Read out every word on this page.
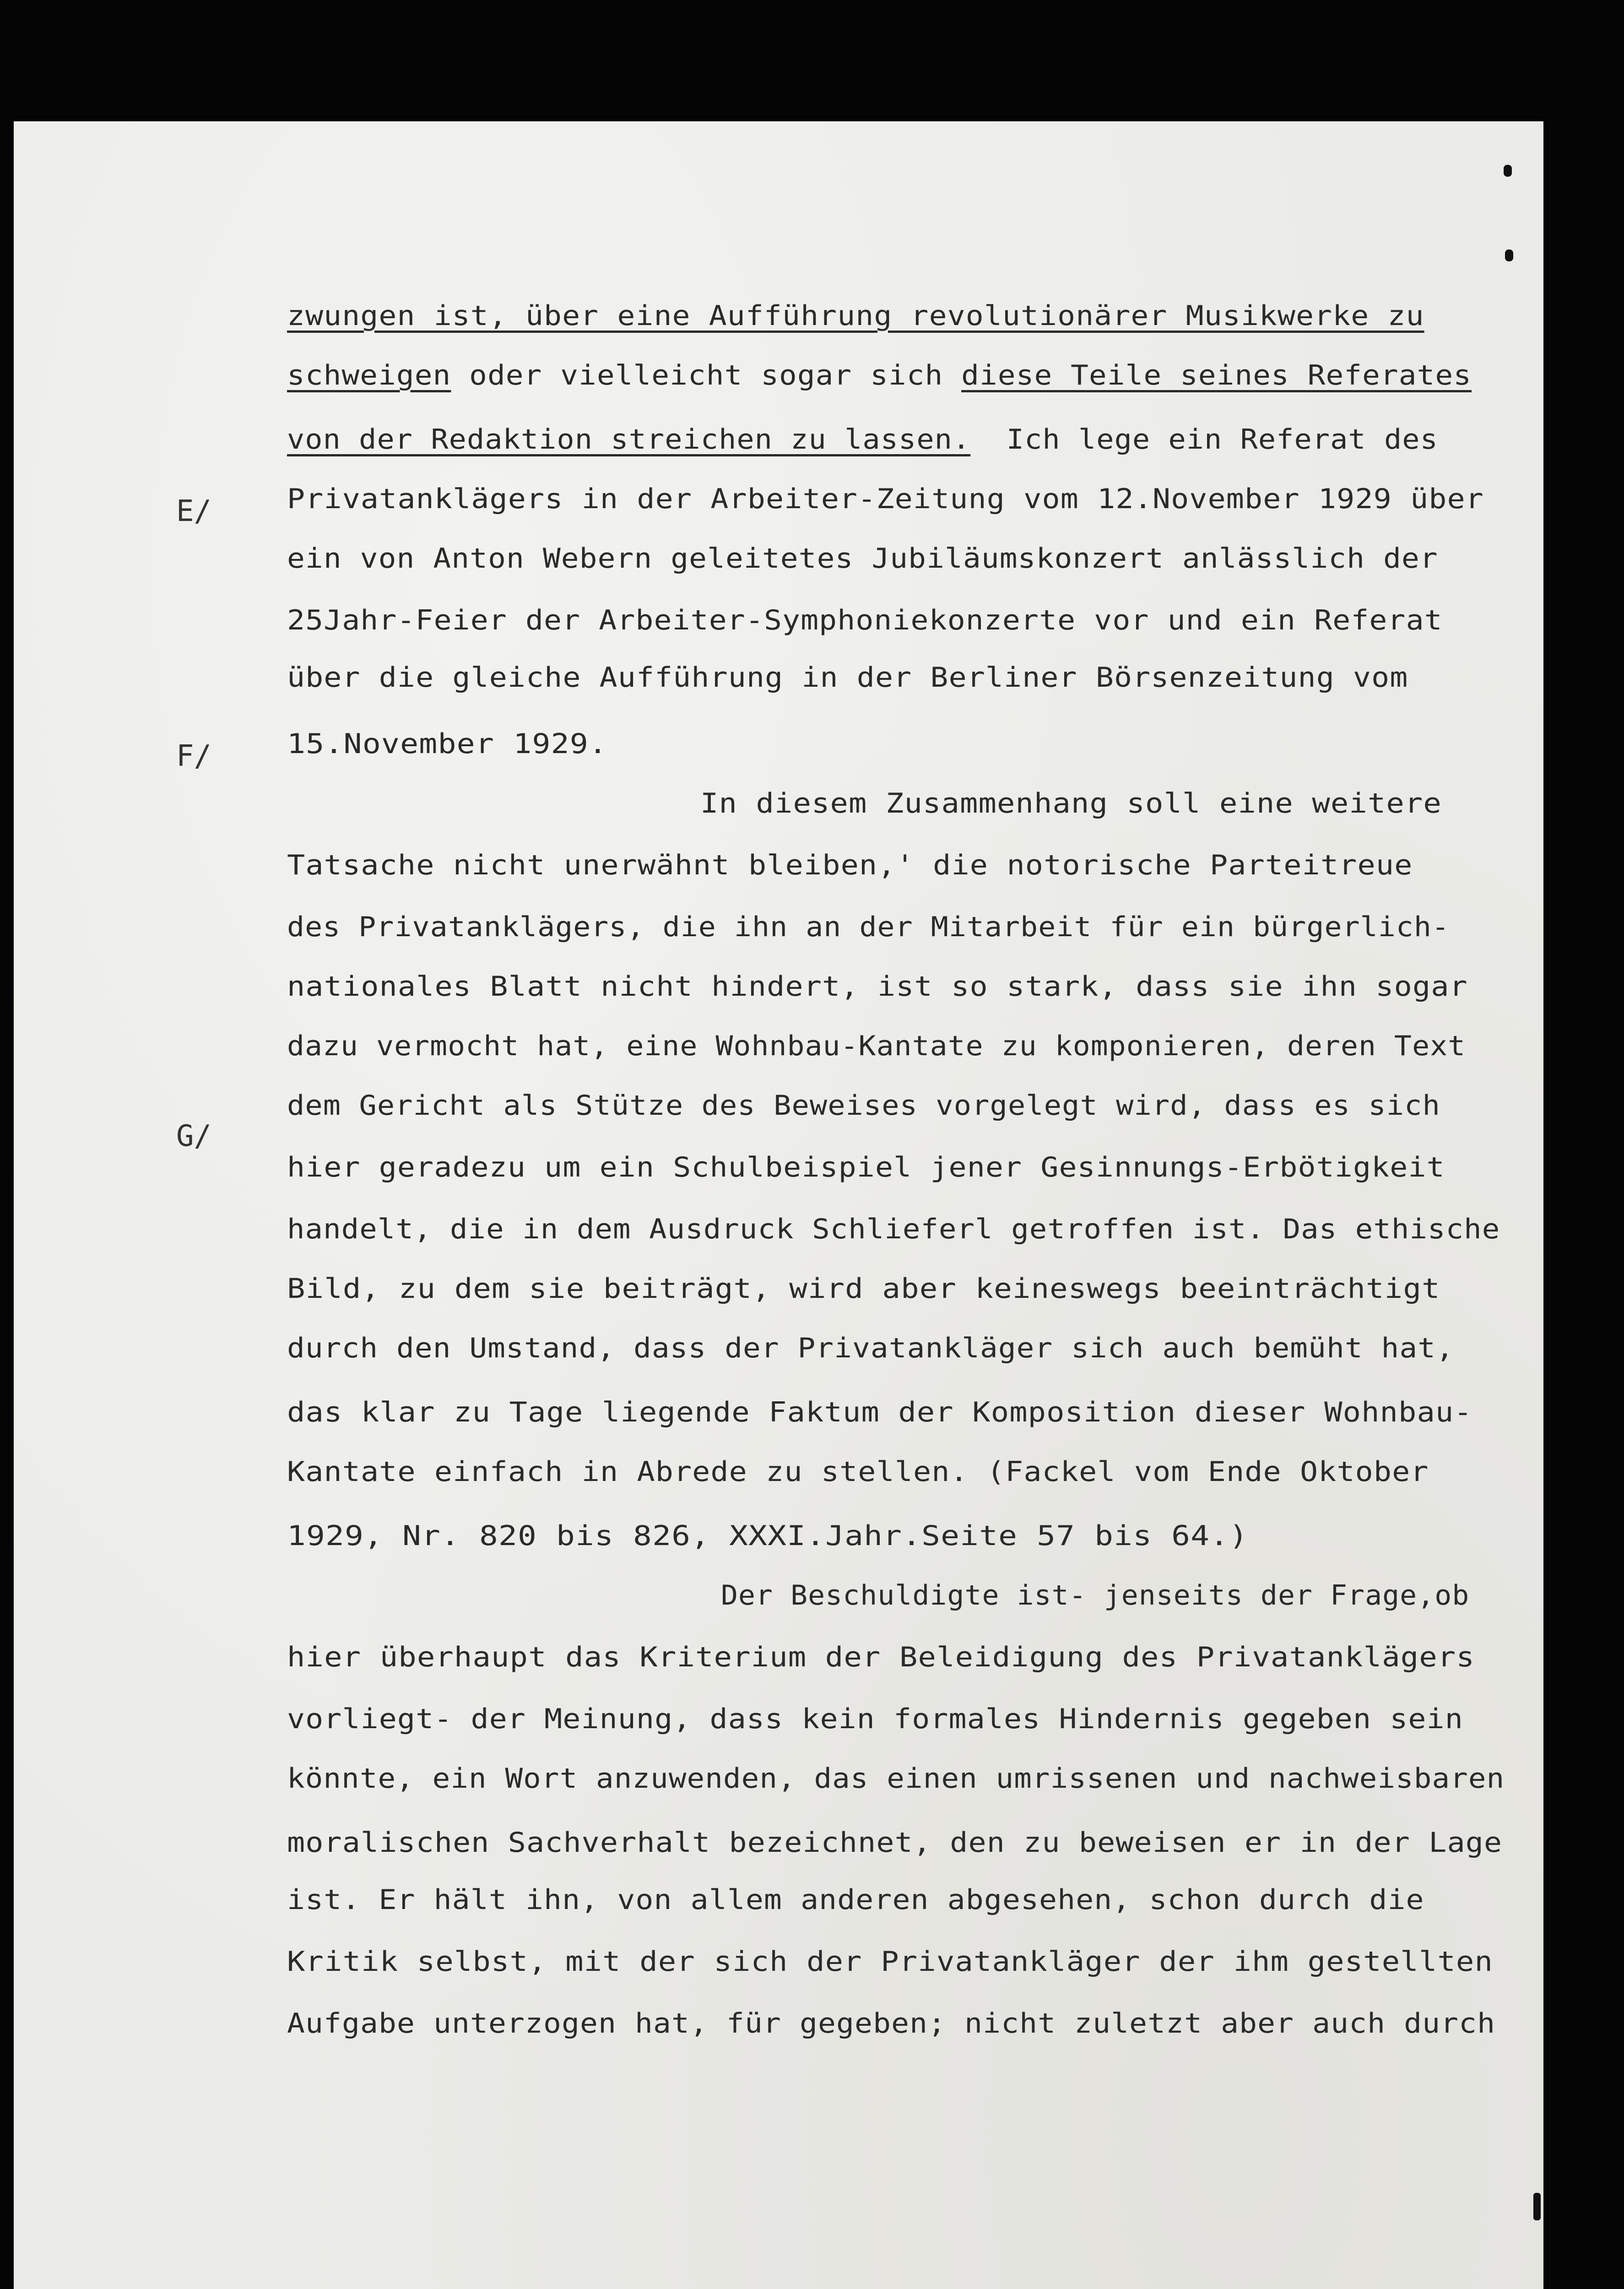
zwungen ist, über eine Aufführung revolutionärer Musikwerke zu
schweigen oder vielleicht sogar sich diese Teile seines Referates
von der Redaktion streichen zu lassen.  Ich lege ein Referat des
Privatanklägers in der Arbeiter-Zeitung vom 12.November 1929 über
ein von Anton Webern geleitetes Jubiläumskonzert anlässlich der
25Jahr-Feier der Arbeiter-Symphoniekonzerte vor und ein Referat
über die gleiche Aufführung in der Berliner Börsenzeitung vom
15.November 1929.
In diesem Zusammenhang soll eine weitere
Tatsache nicht unerwähnt bleiben,' die notorische Parteitreue
des Privatanklägers, die ihn an der Mitarbeit für ein bürgerlich-
nationales Blatt nicht hindert, ist so stark, dass sie ihn sogar
dazu vermocht hat, eine Wohnbau-Kantate zu komponieren, deren Text
dem Gericht als Stütze des Beweises vorgelegt wird, dass es sich
hier geradezu um ein Schulbeispiel jener Gesinnungs-Erbötigkeit
handelt, die in dem Ausdruck Schlieferl getroffen ist. Das ethische
Bild, zu dem sie beiträgt, wird aber keineswegs beeinträchtigt
durch den Umstand, dass der Privatankläger sich auch bemüht hat,
das klar zu Tage liegende Faktum der Komposition dieser Wohnbau-
Kantate einfach in Abrede zu stellen. (Fackel vom Ende Oktober
1929, Nr. 820 bis 826, XXXI.Jahr.Seite 57 bis 64.)
Der Beschuldigte ist- jenseits der Frage,ob
hier überhaupt das Kriterium der Beleidigung des Privatanklägers
vorliegt- der Meinung, dass kein formales Hindernis gegeben sein
könnte, ein Wort anzuwenden, das einen umrissenen und nachweisbaren
moralischen Sachverhalt bezeichnet, den zu beweisen er in der Lage
ist. Er hält ihn, von allem anderen abgesehen, schon durch die
Kritik selbst, mit der sich der Privatankläger der ihm gestellten
Aufgabe unterzogen hat, für gegeben; nicht zuletzt aber auch durch
E/
F/
G/
